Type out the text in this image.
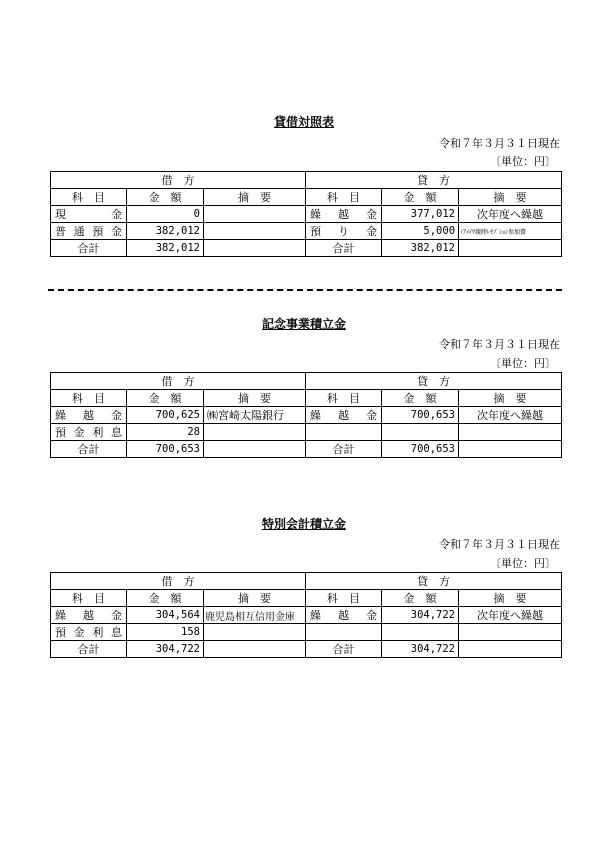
貸借対照表
令和７年３月３１日現在
〔単位：円〕
借　方			貸　方		
科　目	金　額	摘　要	科　目	金　額	摘　要
現　金	0		繰越金	377,012	次年度へ繰越
普通預金	382,012		預り金	5,000	ﾐｱﾒｲｻ親睦ﾚｾﾌﾟｼｮﾝ参加費
合計	382,012		合計	382,012	
記念事業積立金
令和７年３月３１日現在
〔単位：円〕
借　方			貸　方		
科　目	金　額	摘　要	科　目	金　額	摘　要
繰越金	700,625	㈱宮崎太陽銀行	繰越金	700,653	次年度へ繰越
預金利息	28				
合計	700,653		合計	700,653	
特別会計積立金
令和７年３月３１日現在
〔単位：円〕
借　方			貸　方		
科　目	金　額	摘　要	科　目	金　額	摘　要
繰越金	304,564	鹿児島相互信用金庫	繰越金	304,722	次年度へ繰越
預金利息	158				
合計	304,722		合計	304,722	
